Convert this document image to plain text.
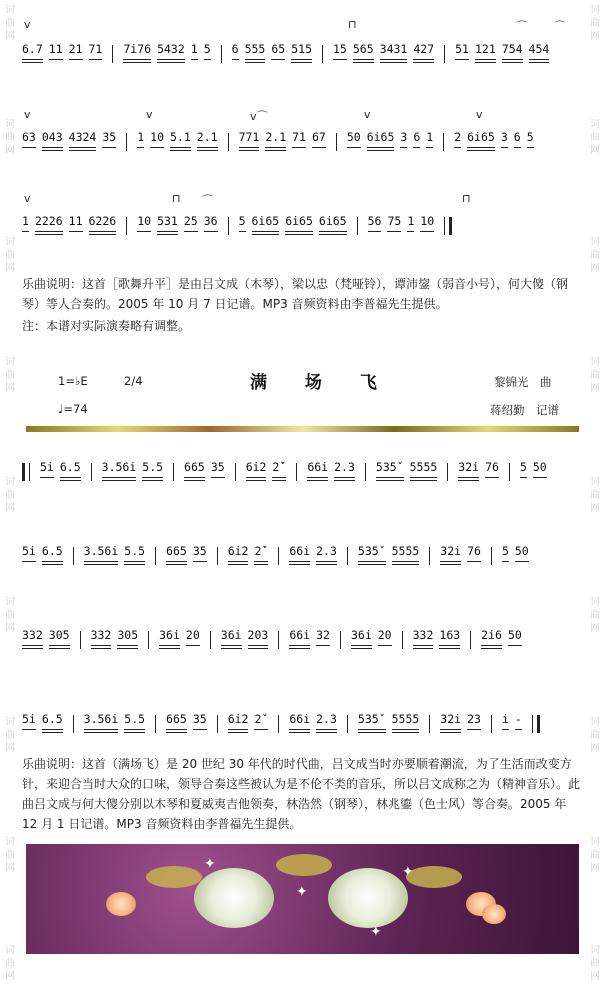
词
曲
网
词
曲
网
词
曲
网
词
曲
网
词
曲
网
词
曲
网
词
曲
网
词
曲
网
词
曲
网
词
曲
网
词
曲
网
词
曲
网
词
曲
网
词
曲
网
词
曲
网
词
曲
网
词
曲
网
词
曲
网
v	⊓	⌒ ⌒
6.7 11 21 71 7i76 5432 1 5 6 555 65 515 15 565 3431 427 51 121 754 454
v	v	v⌒	v	v
63 043 4324 35 1 10 5.1 2.1 771 2.1 71 67 50 6i65 3 6 1 2 6i65 3 6 5
v	⊓ ⌒	⊓
1 2226 11 6226 10 531 25 36 5 6i65 6i65 6i65 56 75 1 10
乐曲说明：这首［歌舞升平］是由吕文成（木琴），梁以忠（梵哑铃），谭沛鋆（弱音小号），何大傻（钢琴）等人合奏的。2005 年 10 月 7 日记谱。MP3 音频资料由李普福先生提供。
注：本谱对实际演奏略有调整。
1=♭E	2/4	满 场 飞	黎锦光　曲
♩=74	蒋绍勤　记谱
5i 6.5 3.56i 5.5 665 35 6i2 2̇ˇ 66i 2.3 535ˇ 5555 32i 76 5 50
5i 6.5 3.56i 5.5 665 35 6i2 2̇ˇ 66i 2.3 535ˇ 5555 32i 76 5 50
332 305 332 305 36i 20 36i 203 66i 32 36i 20 332 163 2i6 50
5i 6.5 3.56i 5.5 665 35 6i2 2ˇ 66i 2.3 535ˇ 5555 32i 23 i -
乐曲说明：这首（满场飞）是 20 世纪 30 年代的时代曲，吕文成当时亦要顺着潮流，为了生活而改变方针，来迎合当时大众的口味，领导合奏这些被认为是不伦不类的音乐，所以吕文成称之为（精神音乐）。此曲吕文成与何大傻分别以木琴和夏威夷吉他领奏，林浩然（钢琴），林兆鎏（色士风）等合奏。2005 年 12 月 1 日记谱。MP3 音频资料由李普福先生提供。
✦
✦
✦
✦
